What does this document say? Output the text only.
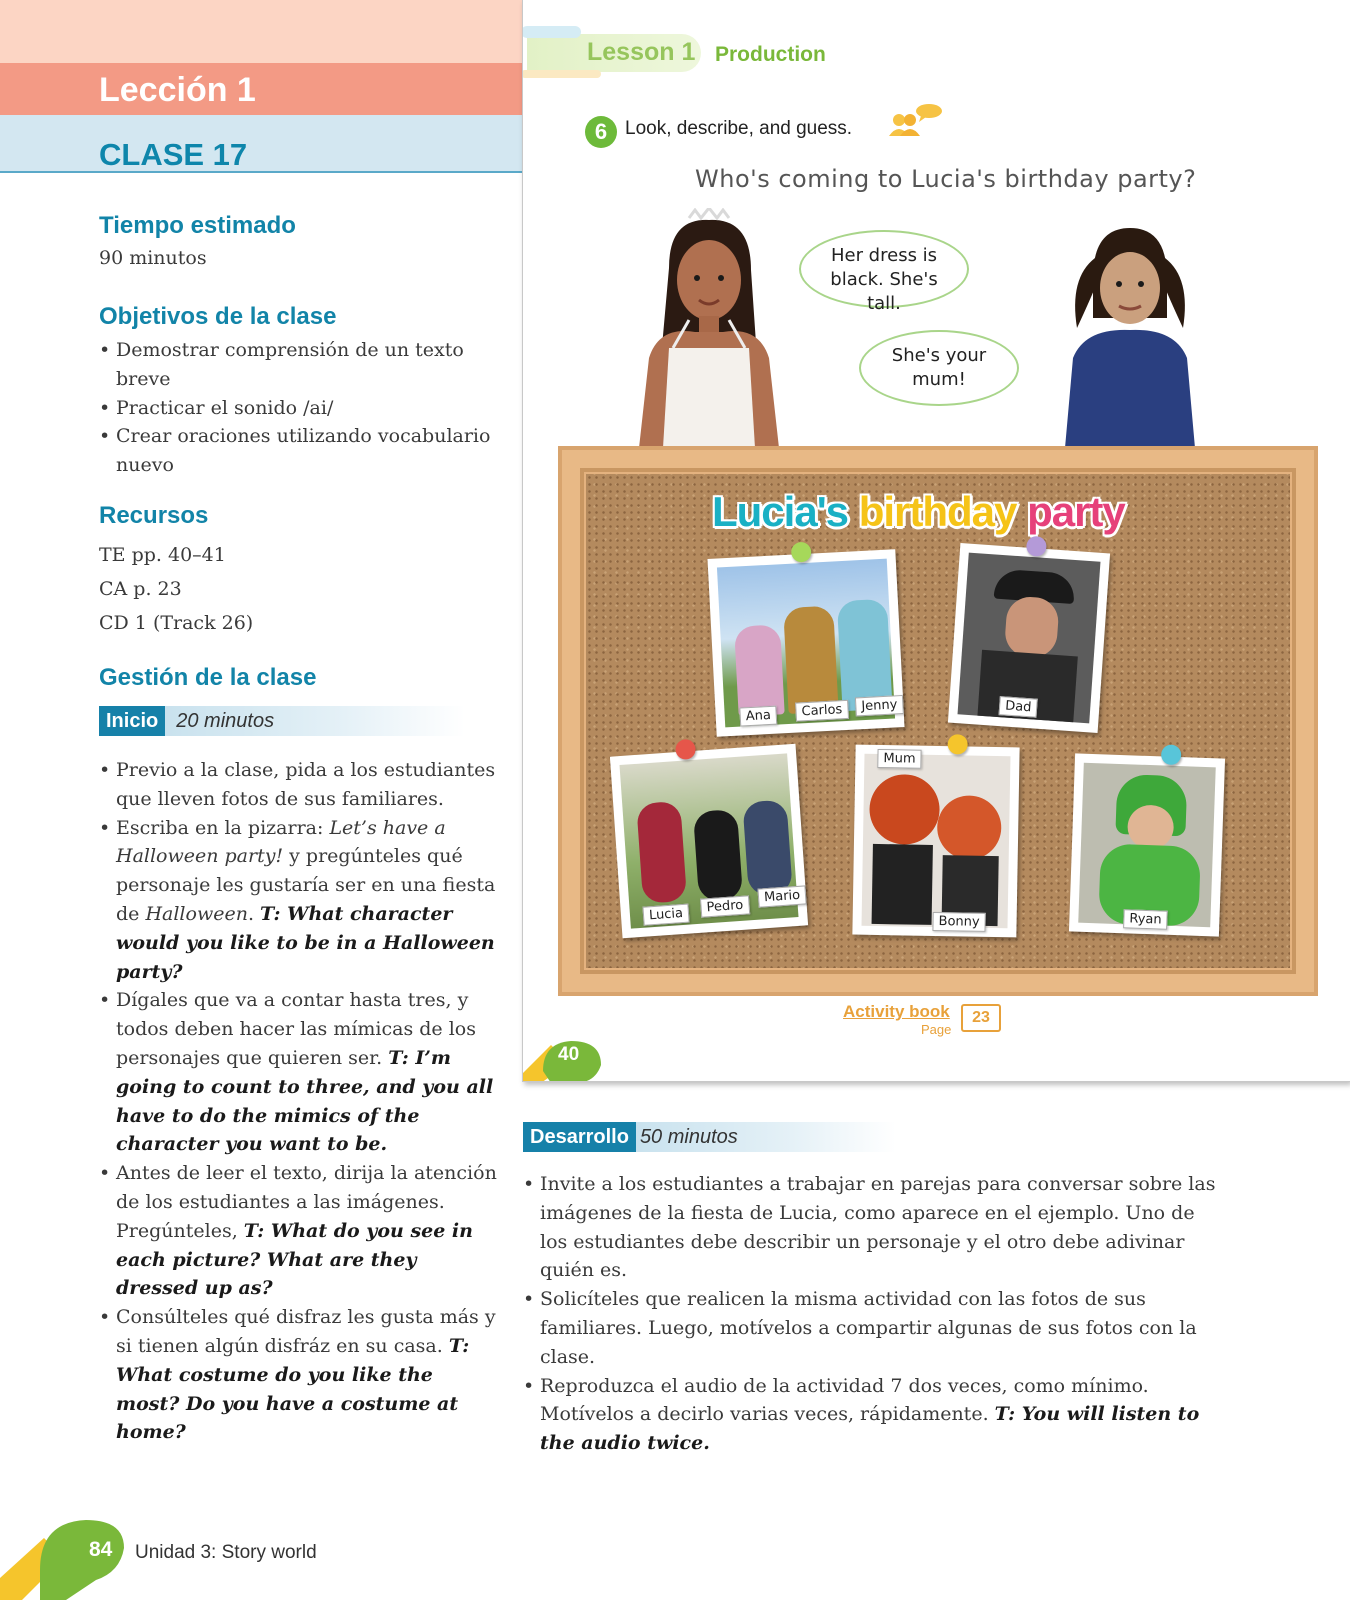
Lección 1
CLASE 17
Tiempo estimado
90 minutos
Objetivos de la clase
• Demostrar comprensión de un texto breve
• Practicar el sonido /ai/
• Crear oraciones utilizando vocabulario nuevo
Recursos
TE pp. 40–41
CA p. 23
CD 1 (Track 26)
Gestión de la clase
Inicio 20 minutos
• Previo a la clase, pida a los estudiantes que lleven fotos de sus familiares.
• Escriba en la pizarra: Let’s have a Halloween party! y pregúnteles qué personaje les gustaría ser en una fiesta de Halloween. T: What character would you like to be in a Halloween party?
• Dígales que va a contar hasta tres, y todos deben hacer las mímicas de los personajes que quieren ser. T: I’m going to count to three, and you all have to do the mimics of the character you want to be.
• Antes de leer el texto, dirija la atención de los estudiantes a las imágenes. Pregúnteles, T: What do you see in each picture? What are they dressed up as?
• Consúlteles qué disfraz les gusta más y si tienen algún disfráz en su casa. T: What costume do you like the most? Do you have a costume at home?
Lesson 1 Production
6 Look, describe, and guess.
Who's coming to Lucia's birthday party?
Her dress is black. She's tall.
She's your mum!
Lucia's birthday party
Ana	Carlos	Jenny	Dad
Lucia	Pedro
Mario
Mum
Bonny	Ryan
Activity book
Page
23
40
Desarrollo 50 minutos
• Invite a los estudiantes a trabajar en parejas para conversar sobre las imágenes de la fiesta de Lucia, como aparece en el ejemplo. Uno de los estudiantes debe describir un personaje y el otro debe adivinar quién es.
• Solicíteles que realicen la misma actividad con las fotos de sus familiares. Luego, motívelos a compartir algunas de sus fotos con la clase.
• Reproduzca el audio de la actividad 7 dos veces, como mínimo. Motívelos a decirlo varias veces, rápidamente. T: You will listen to the audio twice.
84 Unidad 3: Story world
